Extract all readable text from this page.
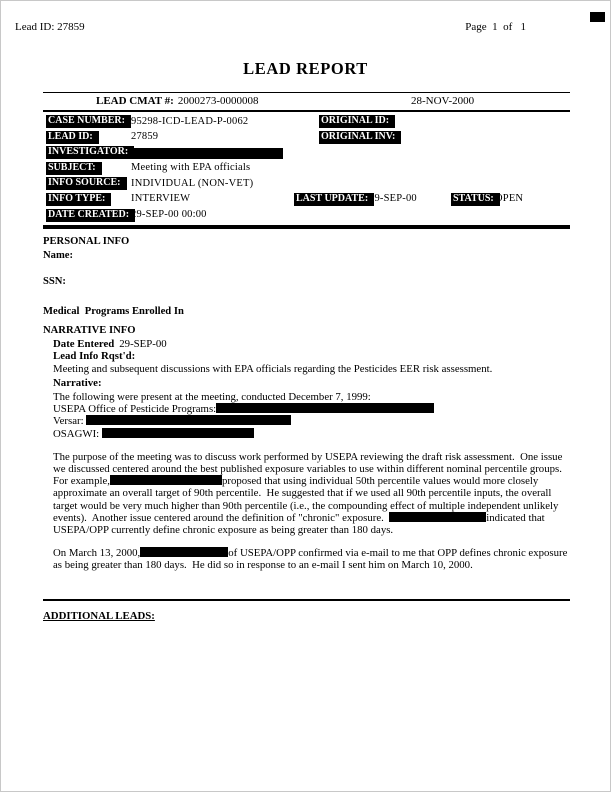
Lead ID: 27859	Page  1  of   1
LEAD REPORT
LEAD CMAT #: 2000273-0000008	28-NOV-2000
CASE NUMBER: 95298-ICD-LEAD-P-0062	ORIGINAL ID:
LEAD ID:	27859	ORIGINAL INV:
INVESTIGATOR:
SUBJECT:	Meeting with EPA officials
INFO SOURCE: INDIVIDUAL (NON-VET)
INFO TYPE:	INTERVIEW	LAST UPDATE: 29-SEP-00	STATUS: OPEN
DATE CREATED: 29-SEP-00 00:00
PERSONAL INFO
Name:
SSN:
Medical  Programs Enrolled In
NARRATIVE INFO
Date Entered 29-SEP-00
Lead Info Rqst'd:
Meeting and subsequent discussions with EPA officials regarding the Pesticides EER risk assessment.
Narrative:
The following were present at the meeting, conducted December 7, 1999:
USEPA Office of Pesticide Programs:
Versar:
OSAGWI:

The purpose of the meeting was to discuss work performed by USEPA reviewing the draft risk assessment.  One issue we discussed centered around the best published exposure variables to use within different nominal percentile groups.  For example,	proposed that using individual 50th percentile values would more closely approximate an overall target of 90th percentile.  He suggested that if we used all 90th percentile inputs, the overall target would be very much higher than 90th percentile (i.e., the compounding effect of multiple independent unlikely events).  Another issue centered around the definition of "chronic" exposure.	indicated that USEPA/OPP currently define chronic exposure as being greater than 180 days.

On March 13, 2000,	of USEPA/OPP confirmed via e-mail to me that OPP defines chronic exposure as being greater than 180 days.  He did so in response to an e-mail I sent him on March 10, 2000.

ADDITIONAL LEADS:
